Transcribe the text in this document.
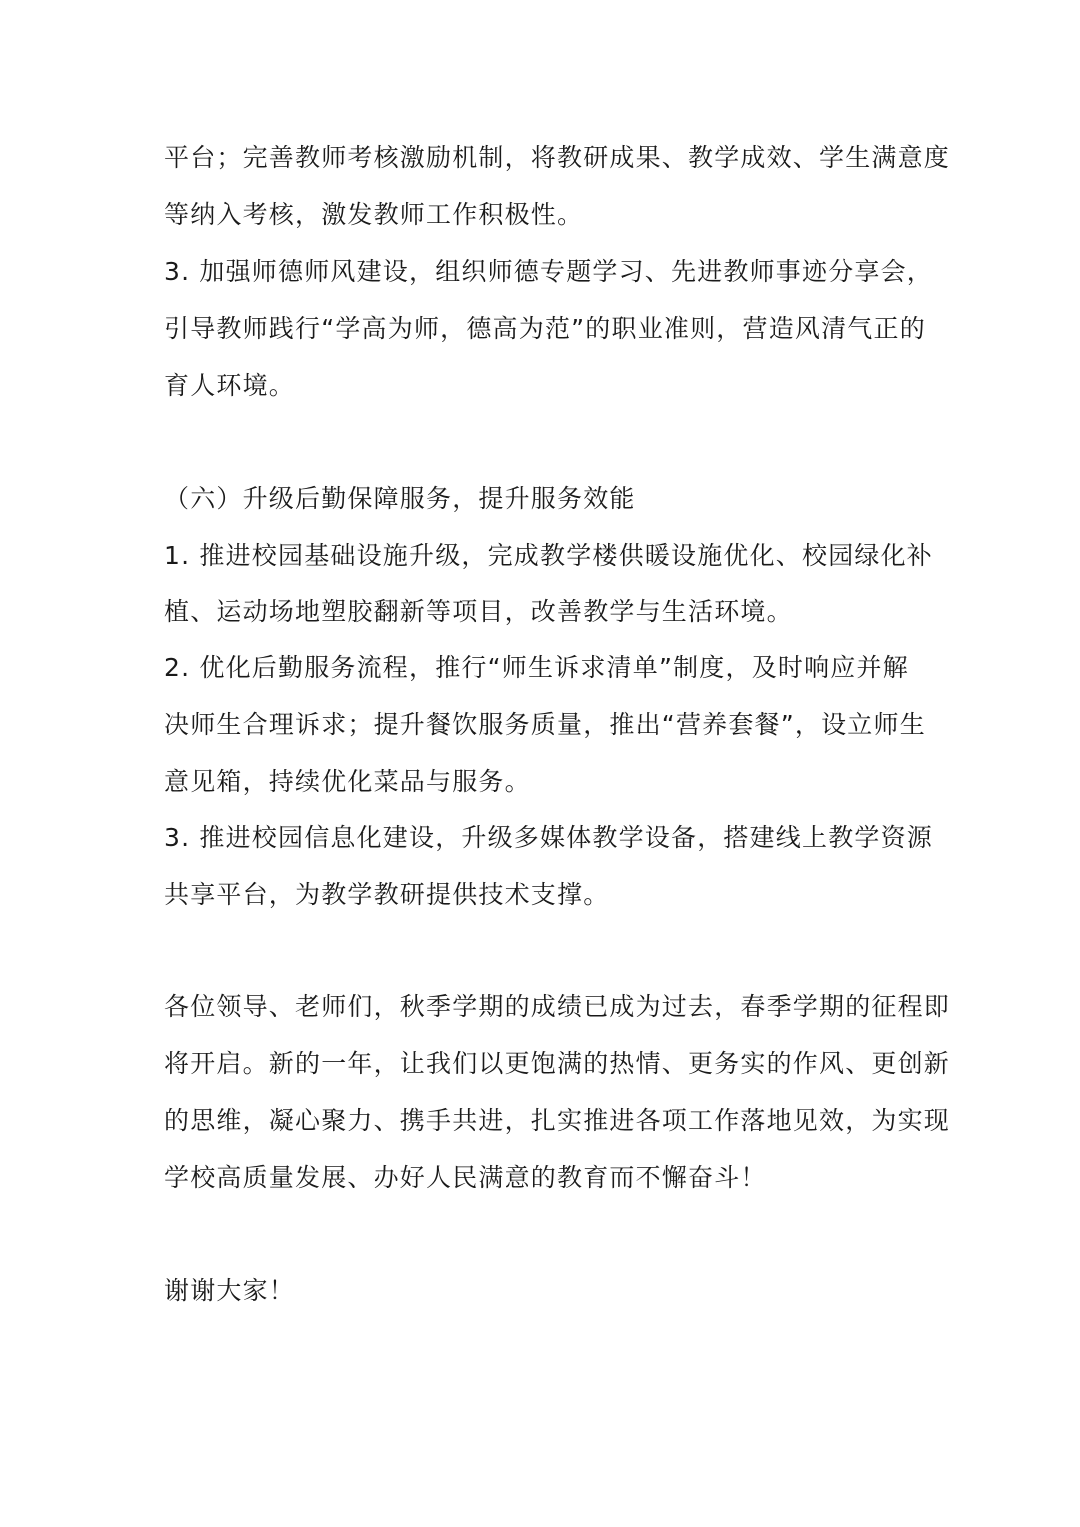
平台；完善教师考核激励机制，将教研成果、教学成效、学生满意度
等纳入考核，激发教师工作积极性。
3. 加强师德师风建设，组织师德专题学习、先进教师事迹分享会，
引导教师践行“学高为师，德高为范”的职业准则，营造风清气正的
育人环境。
（六）升级后勤保障服务，提升服务效能
1. 推进校园基础设施升级，完成教学楼供暖设施优化、校园绿化补
植、运动场地塑胶翻新等项目，改善教学与生活环境。
2. 优化后勤服务流程，推行“师生诉求清单”制度，及时响应并解
决师生合理诉求；提升餐饮服务质量，推出“营养套餐”，设立师生
意见箱，持续优化菜品与服务。
3. 推进校园信息化建设，升级多媒体教学设备，搭建线上教学资源
共享平台，为教学教研提供技术支撑。
各位领导、老师们，秋季学期的成绩已成为过去，春季学期的征程即
将开启。新的一年，让我们以更饱满的热情、更务实的作风、更创新
的思维，凝心聚力、携手共进，扎实推进各项工作落地见效，为实现
学校高质量发展、办好人民满意的教育而不懈奋斗！
谢谢大家！
